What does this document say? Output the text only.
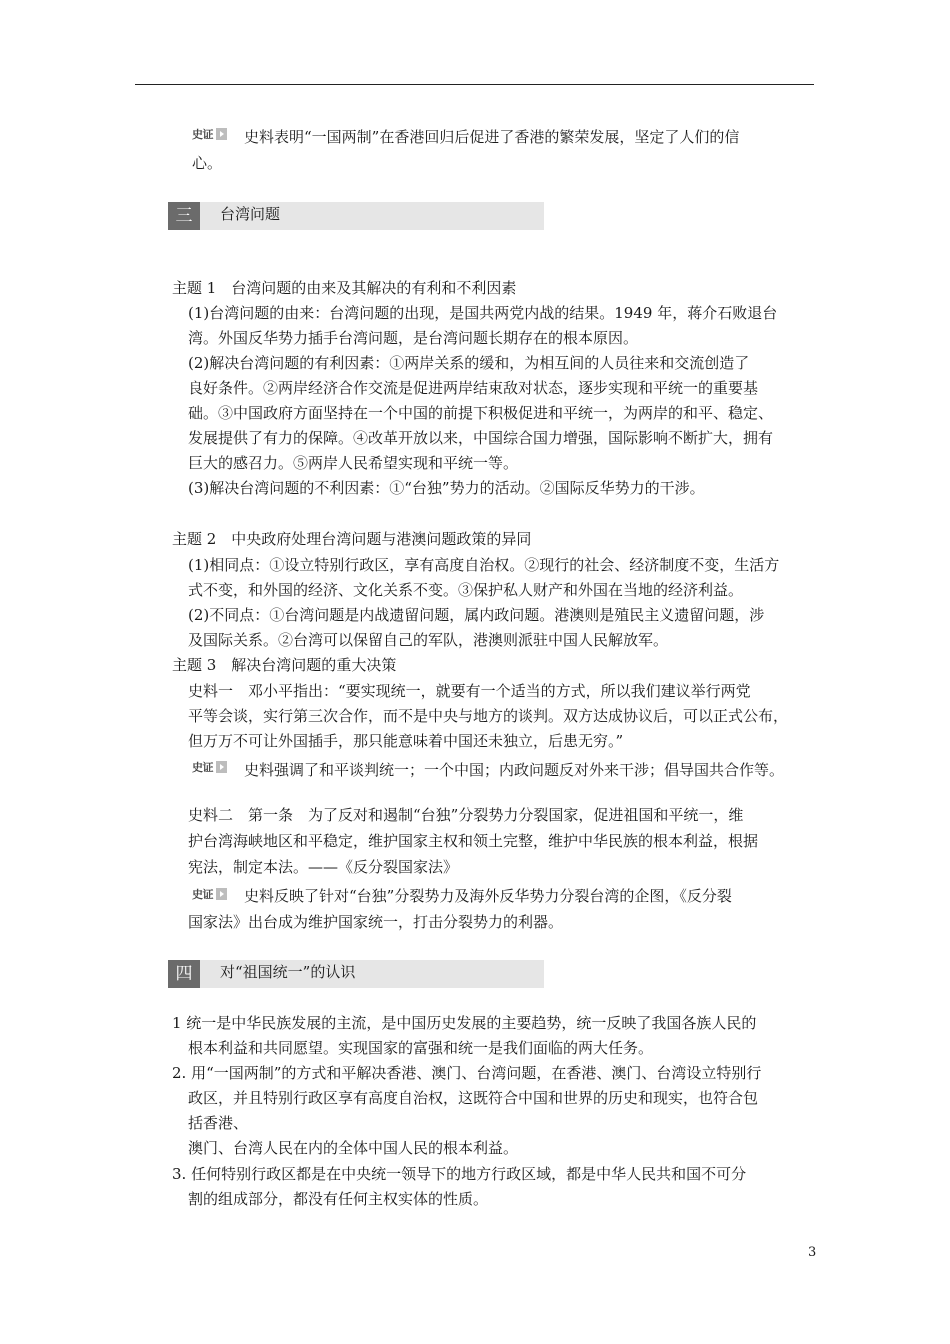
史证 史料表明“一国两制”在香港回归后促进了香港的繁荣发展，坚定了人们的信
心。
三	台湾问题
主题 1　台湾问题的由来及其解决的有利和不利因素
(1)台湾问题的由来：台湾问题的出现，是国共两党内战的结果。1949 年，蒋介石败退台
湾。外国反华势力插手台湾问题，是台湾问题长期存在的根本原因。
(2)解决台湾问题的有利因素：①两岸关系的缓和，为相互间的人员往来和交流创造了
良好条件。②两岸经济合作交流是促进两岸结束敌对状态，逐步实现和平统一的重要基
础。③中国政府方面坚持在一个中国的前提下积极促进和平统一，为两岸的和平、稳定、
发展提供了有力的保障。④改革开放以来，中国综合国力增强，国际影响不断扩大，拥有
巨大的感召力。⑤两岸人民希望实现和平统一等。
(3)解决台湾问题的不利因素：①“台独”势力的活动。②国际反华势力的干涉。
主题 2　中央政府处理台湾问题与港澳问题政策的异同
(1)相同点：①设立特别行政区，享有高度自治权。②现行的社会、经济制度不变，生活方
式不变，和外国的经济、文化关系不变。③保护私人财产和外国在当地的经济利益。
(2)不同点：①台湾问题是内战遗留问题，属内政问题。港澳则是殖民主义遗留问题，涉
及国际关系。②台湾可以保留自己的军队，港澳则派驻中国人民解放军。
主题 3　解决台湾问题的重大决策
史料一　邓小平指出：“要实现统一，就要有一个适当的方式，所以我们建议举行两党
平等会谈，实行第三次合作，而不是中央与地方的谈判。双方达成协议后，可以正式公布，
但万万不可让外国插手，那只能意味着中国还未独立，后患无穷。”
史证 史料强调了和平谈判统一；一个中国；内政问题反对外来干涉；倡导国共合作等。
史料二　第一条　为了反对和遏制“台独”分裂势力分裂国家，促进祖国和平统一，维
护台湾海峡地区和平稳定，维护国家主权和领土完整，维护中华民族的根本利益，根据
宪法，制定本法。——《反分裂国家法》
史证 史料反映了针对“台独”分裂势力及海外反华势力分裂台湾的企图，《反分裂
国家法》出台成为维护国家统一，打击分裂势力的利器。
四	对“祖国统一”的认识
1 统一是中华民族发展的主流，是中国历史发展的主要趋势，统一反映了我国各族人民的
根本利益和共同愿望。实现国家的富强和统一是我们面临的两大任务。
2. 用“一国两制”的方式和平解决香港、澳门、台湾问题，在香港、澳门、台湾设立特别行
政区，并且特别行政区享有高度自治权，这既符合中国和世界的历史和现实，也符合包
括香港、
澳门、台湾人民在内的全体中国人民的根本利益。
3. 任何特别行政区都是在中央统一领导下的地方行政区域，都是中华人民共和国不可分
割的组成部分，都没有任何主权实体的性质。
3
